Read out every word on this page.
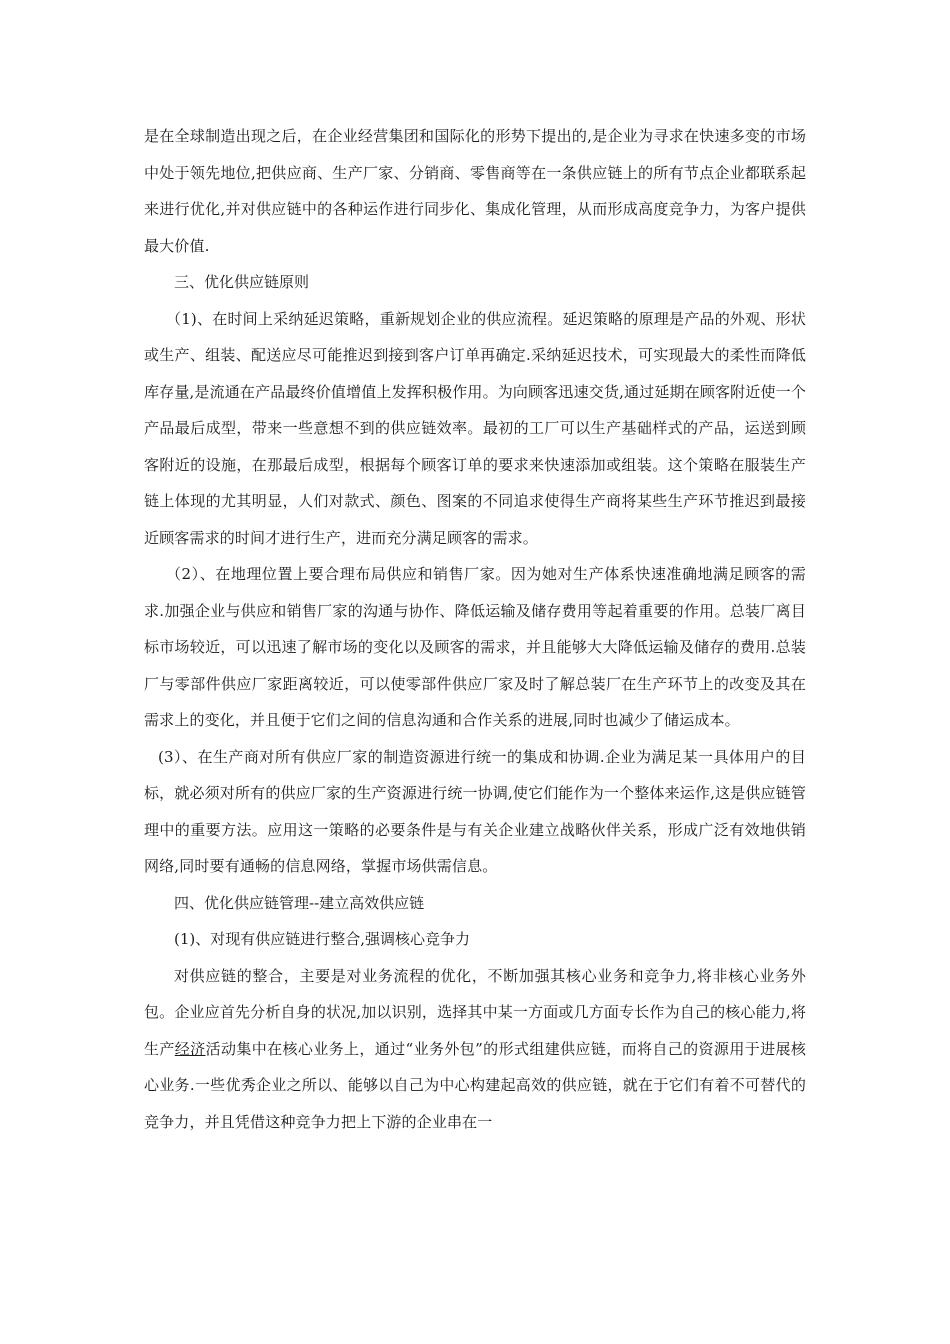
是在全球制造出现之后，在企业经营集团和国际化的形势下提出的,是企业为寻求在快速多变的市场中处于领先地位,把供应商、生产厂家、分销商、零售商等在一条供应链上的所有节点企业都联系起来进行优化,并对供应链中的各种运作进行同步化、集成化管理，从而形成高度竞争力，为客户提供最大价值.

三、优化供应链原则

（1)、在时间上采纳延迟策略，重新规划企业的供应流程。延迟策略的原理是产品的外观、形状或生产、组装、配送应尽可能推迟到接到客户订单再确定.采纳延迟技术，可实现最大的柔性而降低库存量,是流通在产品最终价值增值上发挥积极作用。为向顾客迅速交货,通过延期在顾客附近使一个产品最后成型，带来一些意想不到的供应链效率。最初的工厂可以生产基础样式的产品，运送到顾客附近的设施，在那最后成型，根据每个顾客订单的要求来快速添加或组装。这个策略在服装生产链上体现的尤其明显，人们对款式、颜色、图案的不同追求使得生产商将某些生产环节推迟到最接近顾客需求的时间才进行生产，进而充分满足顾客的需求。

（2）、在地理位置上要合理布局供应和销售厂家。因为她对生产体系快速准确地满足顾客的需求.加强企业与供应和销售厂家的沟通与协作、降低运输及储存费用等起着重要的作用。总装厂离目标市场较近，可以迅速了解市场的变化以及顾客的需求，并且能够大大降低运输及储存的费用.总装厂与零部件供应厂家距离较近，可以使零部件供应厂家及时了解总装厂在生产环节上的改变及其在需求上的变化，并且便于它们之间的信息沟通和合作关系的进展,同时也减少了储运成本。

(3）、在生产商对所有供应厂家的制造资源进行统一的集成和协调.企业为满足某一具体用户的目标，就必须对所有的供应厂家的生产资源进行统一协调,使它们能作为一个整体来运作,这是供应链管理中的重要方法。应用这一策略的必要条件是与有关企业建立战略伙伴关系，形成广泛有效地供销网络,同时要有通畅的信息网络，掌握市场供需信息。

四、优化供应链管理--建立高效供应链

(1)、对现有供应链进行整合,强调核心竞争力

对供应链的整合，主要是对业务流程的优化，不断加强其核心业务和竞争力,将非核心业务外包。企业应首先分析自身的状况,加以识别，选择其中某一方面或几方面专长作为自己的核心能力,将生产经济活动集中在核心业务上，通过“业务外包”的形式组建供应链，而将自己的资源用于进展核心业务.一些优秀企业之所以、能够以自己为中心构建起高效的供应链，就在于它们有着不可替代的竞争力，并且凭借这种竞争力把上下游的企业串在一
